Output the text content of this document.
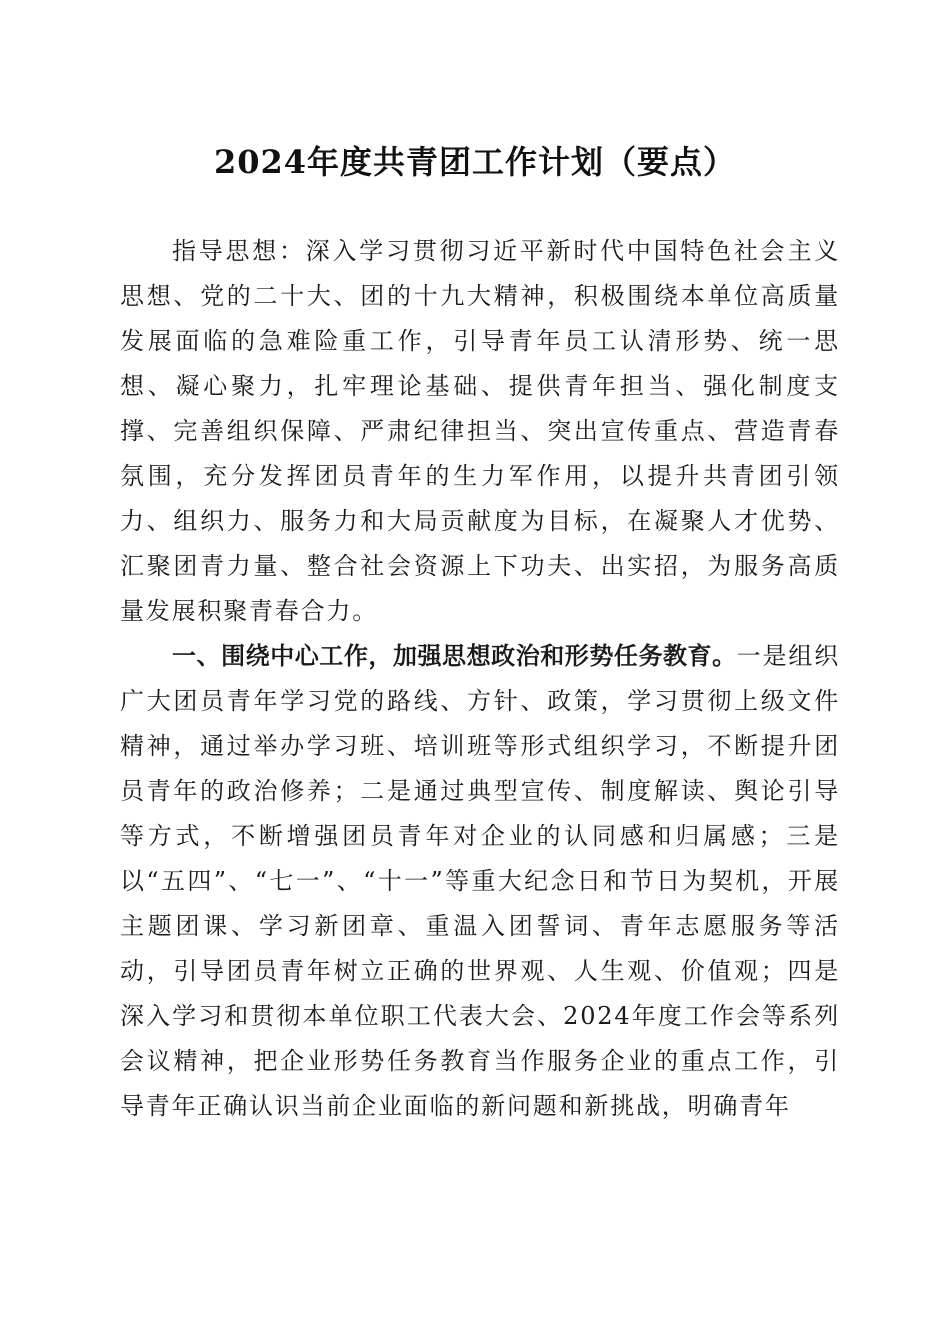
2024年度共青团工作计划（要点）

指导思想：深入学习贯彻习近平新时代中国特色社会主义思想、党的二十大、团的十九大精神，积极围绕本单位高质量发展面临的急难险重工作，引导青年员工认清形势、统一思想、凝心聚力，扎牢理论基础、提供青年担当、强化制度支撑、完善组织保障、严肃纪律担当、突出宣传重点、营造青春氛围，充分发挥团员青年的生力军作用，以提升共青团引领力、组织力、服务力和大局贡献度为目标，在凝聚人才优势、汇聚团青力量、整合社会资源上下功夫、出实招，为服务高质量发展积聚青春合力。

一、围绕中心工作，加强思想政治和形势任务教育。一是组织广大团员青年学习党的路线、方针、政策，学习贯彻上级文件精神，通过举办学习班、培训班等形式组织学习，不断提升团员青年的政治修养；二是通过典型宣传、制度解读、舆论引导等方式，不断增强团员青年对企业的认同感和归属感；三是以“五四”、“七一”、“十一”等重大纪念日和节日为契机，开展主题团课、学习新团章、重温入团誓词、青年志愿服务等活动，引导团员青年树立正确的世界观、人生观、价值观；四是深入学习和贯彻本单位职工代表大会、2024年度工作会等系列会议精神，把企业形势任务教育当作服务企业的重点工作，引导青年正确认识当前企业面临的新问题和新挑战，明确青年
